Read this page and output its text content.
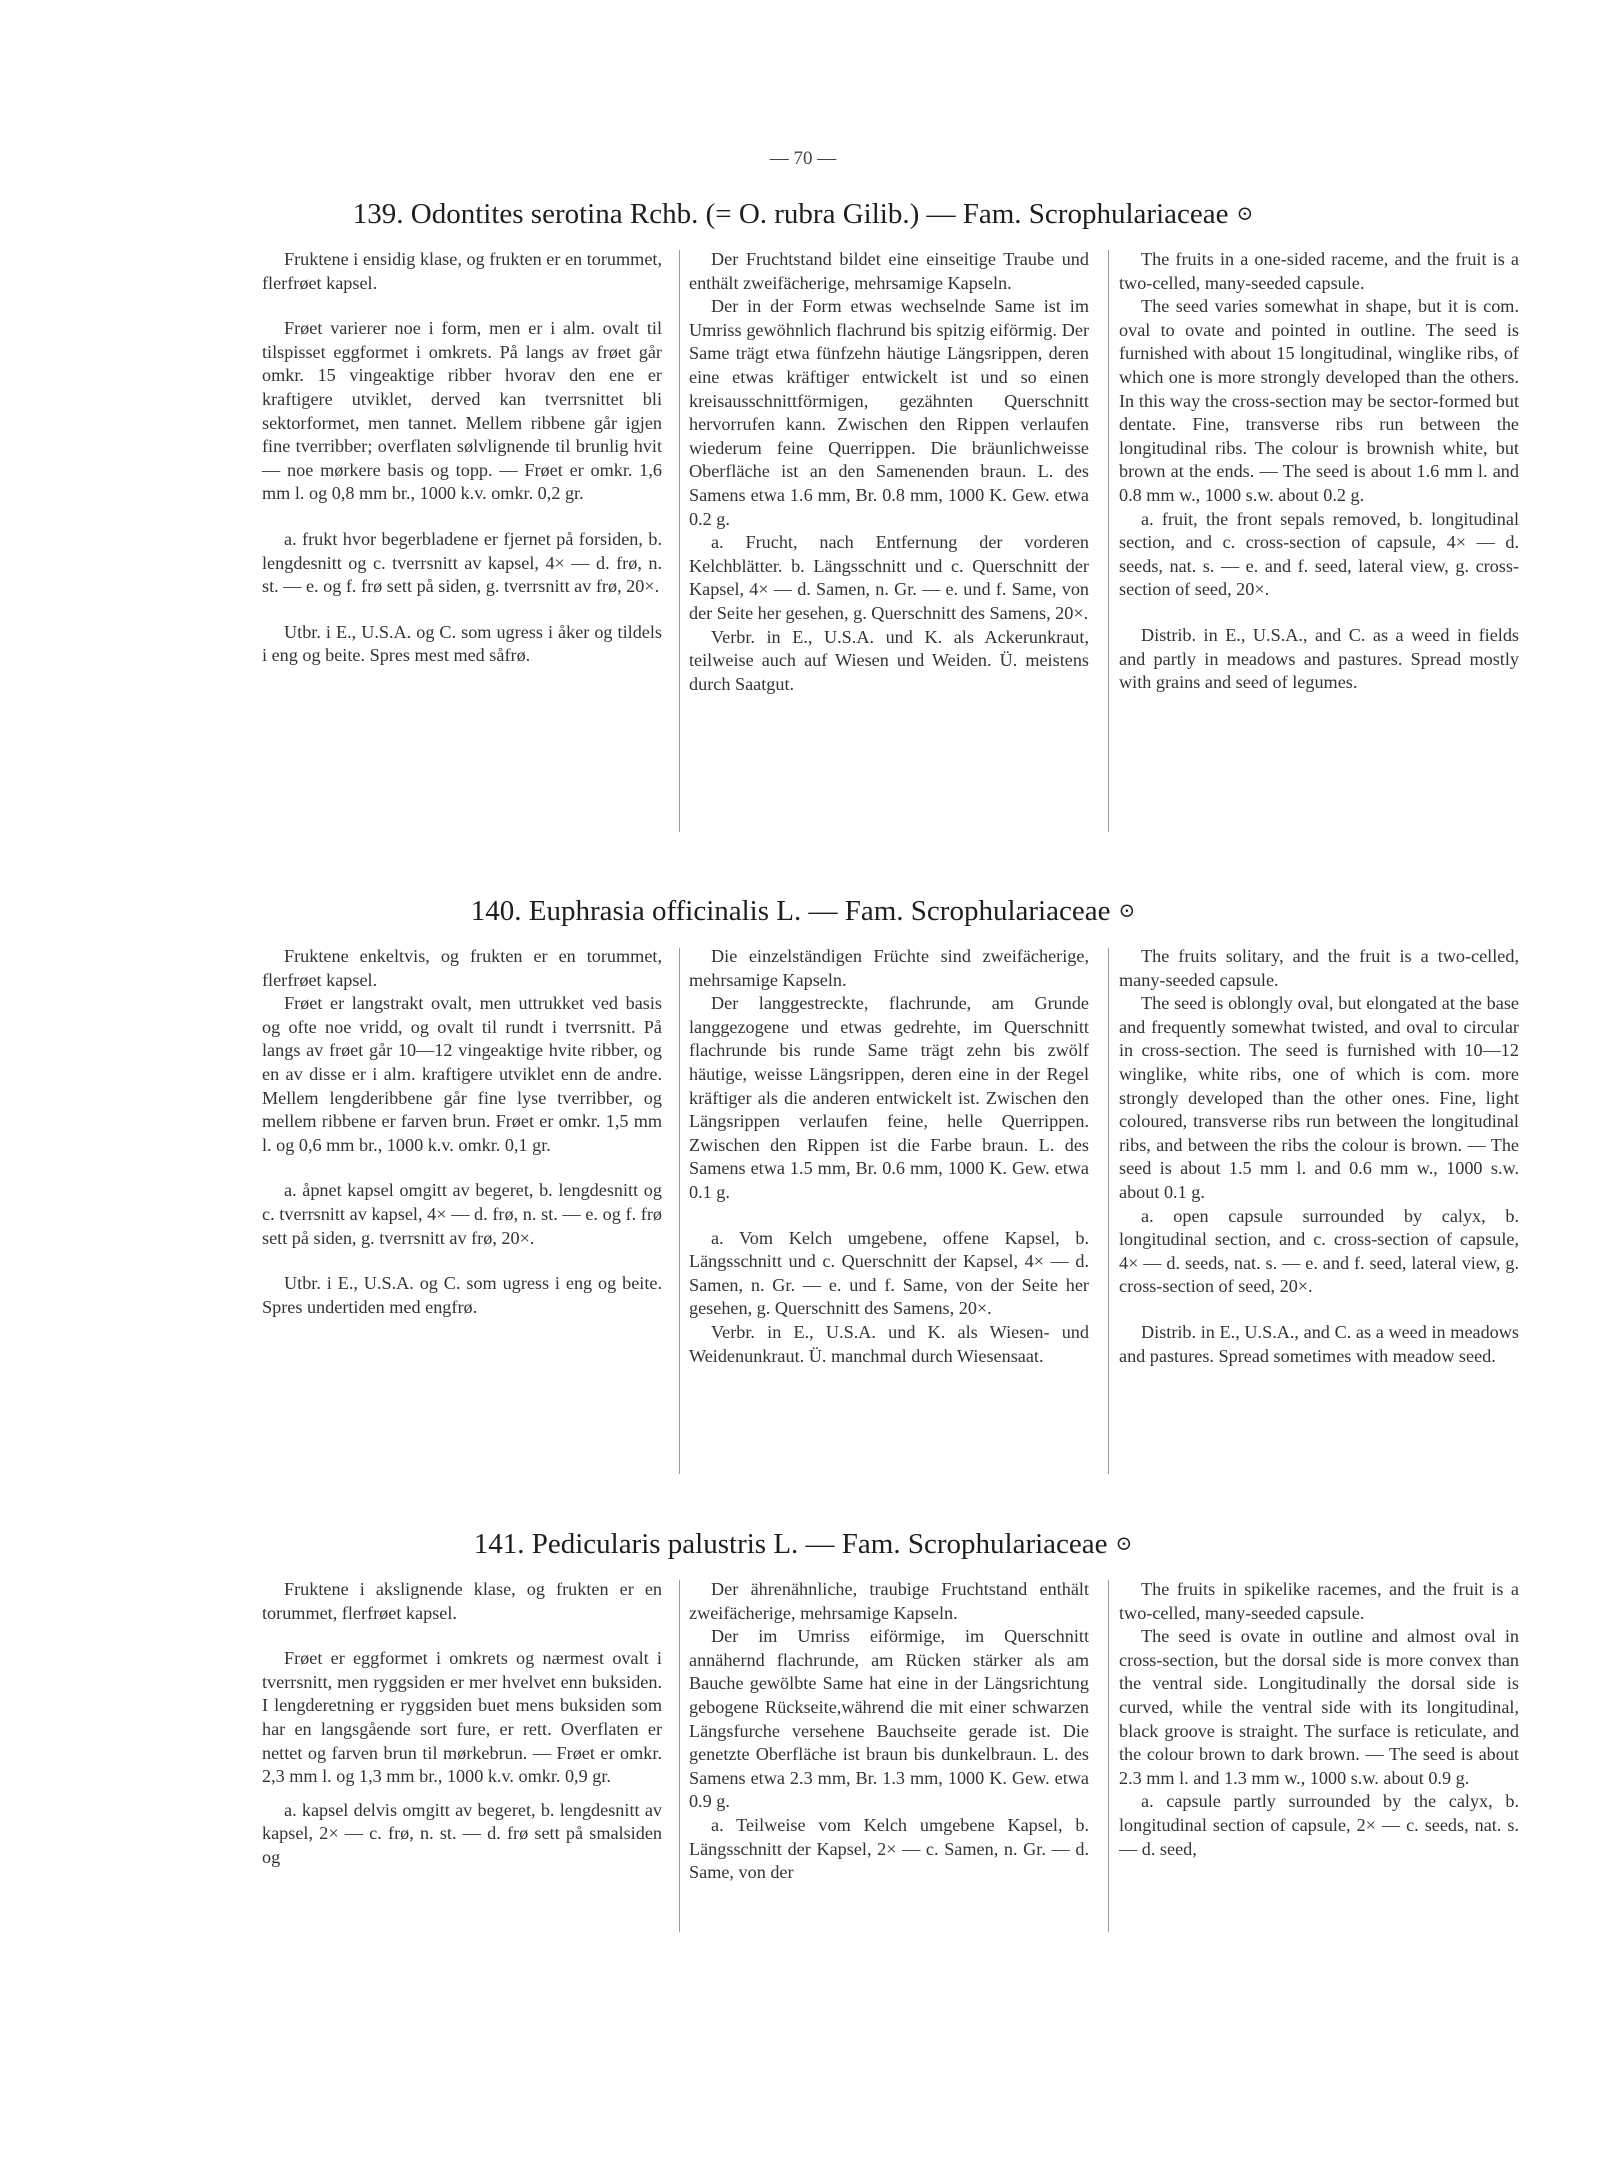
— 70 —
139. Odontites serotina Rchb. (= O. rubra Gilib.) — Fam. Scrophulariaceae ⊙

Fruktene i ensidig klase, og frukten er en torummet, flerfrøet kapsel.

Frøet varierer noe i form, men er i alm. ovalt til tilspisset eggformet i omkrets. På langs av frøet går omkr. 15 vingeaktige ribber hvorav den ene er kraftigere utviklet, derved kan tverrsnittet bli sektorformet, men tannet. Mellem ribbene går igjen fine tverribber; overflaten sølvlignende til brunlig hvit — noe mørkere basis og topp. — Frøet er omkr. 1,6 mm l. og 0,8 mm br., 1000 k.v. omkr. 0,2 gr.

a. frukt hvor begerbladene er fjernet på forsiden, b. lengdesnitt og c. tverrsnitt av kapsel, 4× — d. frø, n. st. — e. og f. frø sett på siden, g. tverrsnitt av frø, 20×.

Utbr. i E., U.S.A. og C. som ugress i åker og tildels i eng og beite. Spres mest med såfrø.

Der Fruchtstand bildet eine einseitige Traube und enthält zweifächerige, mehrsamige Kapseln.

Der in der Form etwas wechselnde Same ist im Umriss gewöhnlich flachrund bis spitzig eiförmig. Der Same trägt etwa fünfzehn häutige Längsrippen, deren eine etwas kräftiger entwickelt ist und so einen kreisausschnittförmigen, gezähnten Querschnitt hervorrufen kann. Zwischen den Rippen verlaufen wiederum feine Querrippen. Die bräunlichweisse Oberfläche ist an den Samenenden braun. L. des Samens etwa 1.6 mm, Br. 0.8 mm, 1000 K. Gew. etwa 0.2 g.

a. Frucht, nach Entfernung der vorderen Kelchblätter. b. Längsschnitt und c. Querschnitt der Kapsel, 4× — d. Samen, n. Gr. — e. und f. Same, von der Seite her gesehen, g. Querschnitt des Samens, 20×.

Verbr. in E., U.S.A. und K. als Ackerunkraut, teilweise auch auf Wiesen und Weiden. Ü. meistens durch Saatgut.

The fruits in a one-sided raceme, and the fruit is a two-celled, many-seeded capsule.

The seed varies somewhat in shape, but it is com. oval to ovate and pointed in outline. The seed is furnished with about 15 longitudinal, winglike ribs, of which one is more strongly developed than the others. In this way the cross-section may be sector-formed but dentate. Fine, transverse ribs run between the longitudinal ribs. The colour is brownish white, but brown at the ends. — The seed is about 1.6 mm l. and 0.8 mm w., 1000 s.w. about 0.2 g.

a. fruit, the front sepals removed, b. longitudinal section, and c. cross-section of capsule, 4× — d. seeds, nat. s. — e. and f. seed, lateral view, g. cross-section of seed, 20×.

Distrib. in E., U.S.A., and C. as a weed in fields and partly in meadows and pastures. Spread mostly with grains and seed of legumes.

140. Euphrasia officinalis L. — Fam. Scrophulariaceae ⊙

Fruktene enkeltvis, og frukten er en torummet, flerfrøet kapsel.

Frøet er langstrakt ovalt, men uttrukket ved basis og ofte noe vridd, og ovalt til rundt i tverrsnitt. På langs av frøet går 10—12 vingeaktige hvite ribber, og en av disse er i alm. kraftigere utviklet enn de andre. Mellem lengderibbene går fine lyse tverribber, og mellem ribbene er farven brun. Frøet er omkr. 1,5 mm l. og 0,6 mm br., 1000 k.v. omkr. 0,1 gr.

a. åpnet kapsel omgitt av begeret, b. lengdesnitt og c. tverrsnitt av kapsel, 4× — d. frø, n. st. — e. og f. frø sett på siden, g. tverrsnitt av frø, 20×.

Utbr. i E., U.S.A. og C. som ugress i eng og beite. Spres undertiden med engfrø.

Die einzelständigen Früchte sind zweifächerige, mehrsamige Kapseln.

Der langgestreckte, flachrunde, am Grunde langgezogene und etwas gedrehte, im Querschnitt flachrunde bis runde Same trägt zehn bis zwölf häutige, weisse Längsrippen, deren eine in der Regel kräftiger als die anderen entwickelt ist. Zwischen den Längsrippen verlaufen feine, helle Querrippen. Zwischen den Rippen ist die Farbe braun. L. des Samens etwa 1.5 mm, Br. 0.6 mm, 1000 K. Gew. etwa 0.1 g.

a. Vom Kelch umgebene, offene Kapsel, b. Längsschnitt und c. Querschnitt der Kapsel, 4× — d. Samen, n. Gr. — e. und f. Same, von der Seite her gesehen, g. Querschnitt des Samens, 20×.

Verbr. in E., U.S.A. und K. als Wiesen- und Weidenunkraut. Ü. manchmal durch Wiesensaat.

The fruits solitary, and the fruit is a two-celled, many-seeded capsule.

The seed is oblongly oval, but elongated at the base and frequently somewhat twisted, and oval to circular in cross-section. The seed is furnished with 10—12 winglike, white ribs, one of which is com. more strongly developed than the other ones. Fine, light coloured, transverse ribs run between the longitudinal ribs, and between the ribs the colour is brown. — The seed is about 1.5 mm l. and 0.6 mm w., 1000 s.w. about 0.1 g.

a. open capsule surrounded by calyx, b. longitudinal section, and c. cross-section of capsule, 4× — d. seeds, nat. s. — e. and f. seed, lateral view, g. cross-section of seed, 20×.

Distrib. in E., U.S.A., and C. as a weed in meadows and pastures. Spread sometimes with meadow seed.

141. Pedicularis palustris L. — Fam. Scrophulariaceae ⊙

Fruktene i akslignende klase, og frukten er en torummet, flerfrøet kapsel.

Frøet er eggformet i omkrets og nærmest ovalt i tverrsnitt, men ryggsiden er mer hvelvet enn buksiden. I lengderetning er ryggsiden buet mens buksiden som har en langsgående sort fure, er rett. Overflaten er nettet og farven brun til mørkebrun. — Frøet er omkr. 2,3 mm l. og 1,3 mm br., 1000 k.v. omkr. 0,9 gr.

a. kapsel delvis omgitt av begeret, b. lengdesnitt av kapsel, 2× — c. frø, n. st. — d. frø sett på smalsiden og

Der ährenähnliche, traubige Fruchtstand enthält zweifächerige, mehrsamige Kapseln.

Der im Umriss eiförmige, im Querschnitt annähernd flachrunde, am Rücken stärker als am Bauche gewölbte Same hat eine in der Längsrichtung gebogene Rückseite,während die mit einer schwarzen Längsfurche versehene Bauchseite gerade ist. Die genetzte Oberfläche ist braun bis dunkelbraun. L. des Samens etwa 2.3 mm, Br. 1.3 mm, 1000 K. Gew. etwa 0.9 g.

a. Teilweise vom Kelch umgebene Kapsel, b. Längsschnitt der Kapsel, 2× — c. Samen, n. Gr. — d. Same, von der

The fruits in spikelike racemes, and the fruit is a two-celled, many-seeded capsule.

The seed is ovate in outline and almost oval in cross-section, but the dorsal side is more convex than the ventral side. Longitudinally the dorsal side is curved, while the ventral side with its longitudinal, black groove is straight. The surface is reticulate, and the colour brown to dark brown. — The seed is about 2.3 mm l. and 1.3 mm w., 1000 s.w. about 0.9 g.

a. capsule partly surrounded by the calyx, b. longitudinal section of capsule, 2× — c. seeds, nat. s. — d. seed,
